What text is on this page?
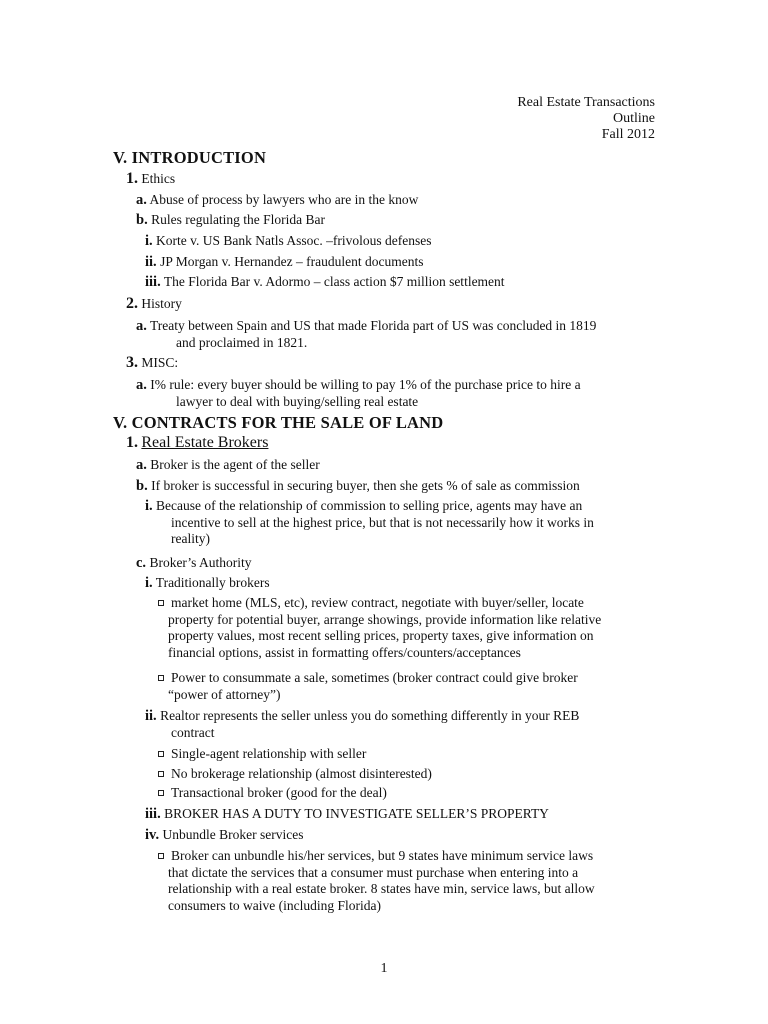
Real Estate Transactions
Outline
Fall 2012
V. INTRODUCTION
1. Ethics
a. Abuse of process by lawyers who are in the know
b. Rules regulating the Florida Bar
i. Korte v. US Bank Natls Assoc. –frivolous defenses
ii. JP Morgan v. Hernandez – fraudulent documents
iii. The Florida Bar v. Adormo – class action $7 million settlement
2. History
a. Treaty between Spain and US that made Florida part of US was concluded in 1819
and proclaimed in 1821.
3. MISC:
a. I% rule: every buyer should be willing to pay 1% of the purchase price to hire a
lawyer to deal with buying/selling real estate
V. CONTRACTS FOR THE SALE OF LAND
1. Real Estate Brokers
a. Broker is the agent of the seller
b. If broker is successful in securing buyer, then she gets % of sale as commission
i. Because of the relationship of commission to selling price, agents may have an
incentive to sell at the highest price, but that is not necessarily how it works in
reality)
c. Broker’s Authority
i. Traditionally brokers
market home (MLS, etc), review contract, negotiate with buyer/seller, locate
property for potential buyer, arrange showings, provide information like relative
property values, most recent selling prices, property taxes, give information on
financial options, assist in formatting offers/counters/acceptances
Power to consummate a sale, sometimes (broker contract could give broker
“power of attorney”)
ii. Realtor represents the seller unless you do something differently in your REB
contract
Single-agent relationship with seller
No brokerage relationship (almost disinterested)
Transactional broker (good for the deal)
iii. BROKER HAS A DUTY TO INVESTIGATE SELLER’S PROPERTY
iv. Unbundle Broker services
Broker can unbundle his/her services, but 9 states have minimum service laws
that dictate the services that a consumer must purchase when entering into a
relationship with a real estate broker. 8 states have min, service laws, but allow
consumers to waive (including Florida)
1
